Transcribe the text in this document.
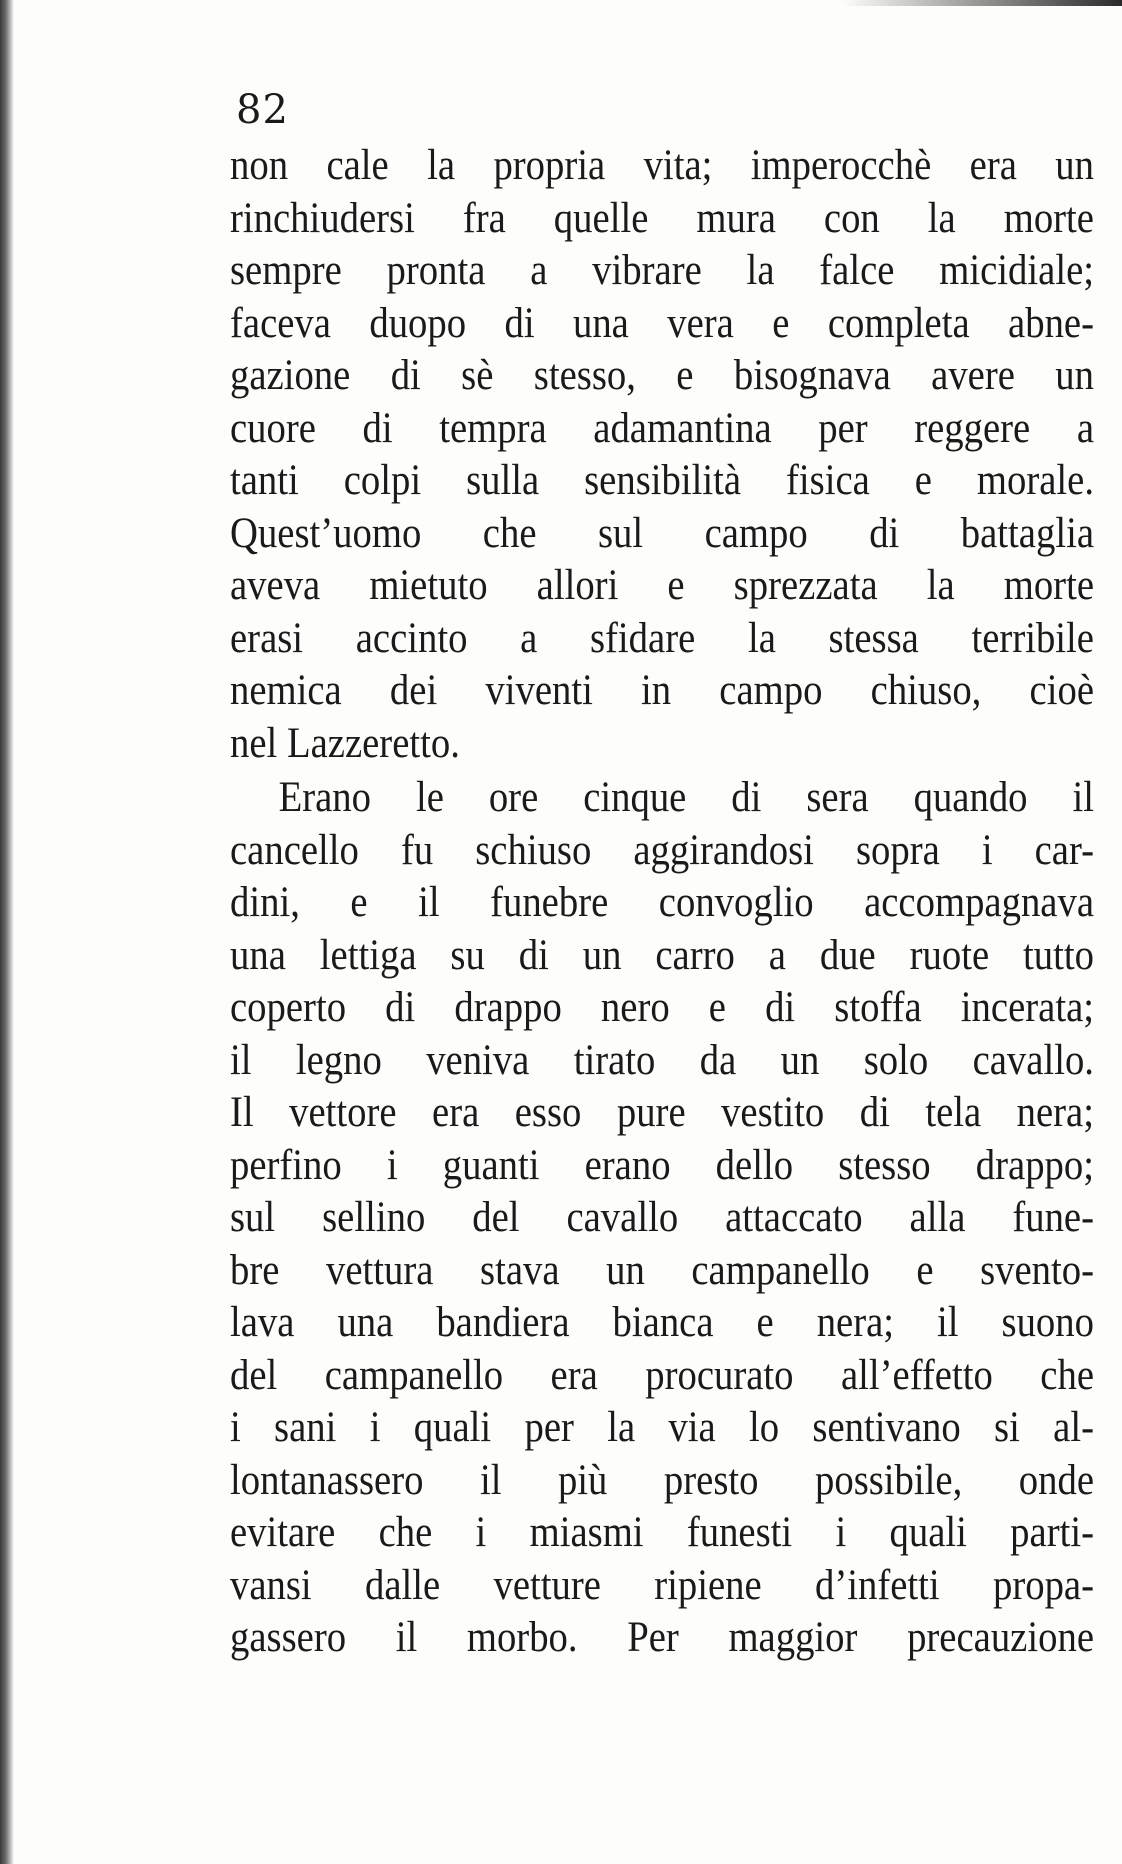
82
non cale la propria vita; imperocchè era un
rinchiudersi fra quelle mura con la morte
sempre pronta a vibrare la falce micidiale;
faceva duopo di una vera e completa abne-
gazione di sè stesso, e bisognava avere un
cuore di tempra adamantina per reggere a
tanti colpi sulla sensibilità fisica e morale.
Quest’uomo che sul campo di battaglia
aveva mietuto allori e sprezzata la morte
erasi accinto a sfidare la stessa terribile
nemica dei viventi in campo chiuso, cioè
nel Lazzeretto.
Erano le ore cinque di sera quando il
cancello fu schiuso aggirandosi sopra i car-
dini, e il funebre convoglio accompagnava
una lettiga su di un carro a due ruote tutto
coperto di drappo nero e di stoffa incerata;
il legno veniva tirato da un solo cavallo.
Il vettore era esso pure vestito di tela nera;
perfino i guanti erano dello stesso drappo;
sul sellino del cavallo attaccato alla fune-
bre vettura stava un campanello e svento-
lava una bandiera bianca e nera; il suono
del campanello era procurato all’effetto che
i sani i quali per la via lo sentivano si al-
lontanassero il più presto possibile, onde
evitare che i miasmi funesti i quali parti-
vansi dalle vetture ripiene d’infetti propa-
gassero il morbo. Per maggior precauzione
